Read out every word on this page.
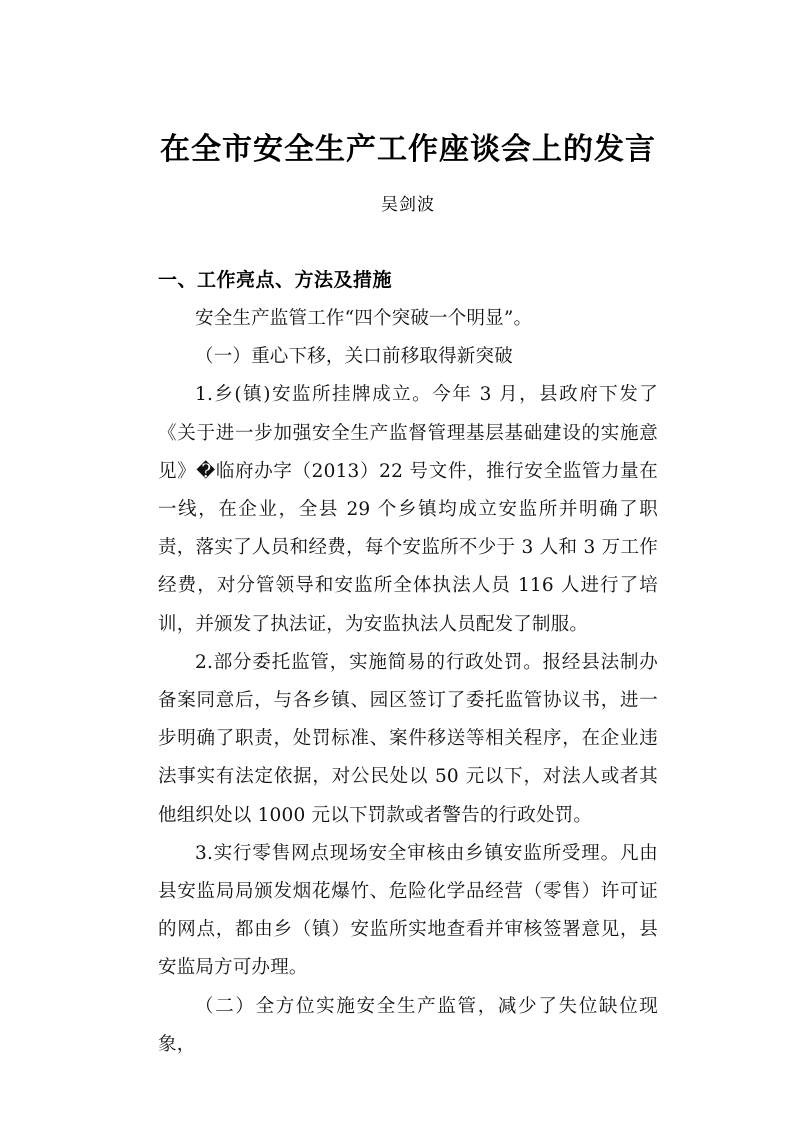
在全市安全生产工作座谈会上的发言
吴剑波
一、工作亮点、方法及措施

安全生产监管工作“四个突破一个明显”。

（一）重心下移，关口前移取得新突破

1.乡(镇)安监所挂牌成立。今年 3 月，县政府下发了《关于进一步加强安全生产监督管理基层基础建设的实施意见》�临府办字（2013）22 号文件，推行安全监管力量在一线，在企业，全县 29 个乡镇均成立安监所并明确了职责，落实了人员和经费，每个安监所不少于 3 人和 3 万工作经费，对分管领导和安监所全体执法人员 116 人进行了培训，并颁发了执法证，为安监执法人员配发了制服。

2.部分委托监管，实施简易的行政处罚。报经县法制办备案同意后，与各乡镇、园区签订了委托监管协议书，进一步明确了职责，处罚标准、案件移送等相关程序，在企业违法事实有法定依据，对公民处以 50 元以下，对法人或者其他组织处以 1000 元以下罚款或者警告的行政处罚。

3.实行零售网点现场安全审核由乡镇安监所受理。凡由县安监局局颁发烟花爆竹、危险化学品经营（零售）许可证的网点，都由乡（镇）安监所实地查看并审核签署意见，县安监局方可办理。

（二）全方位实施安全生产监管，减少了失位缺位现象，
